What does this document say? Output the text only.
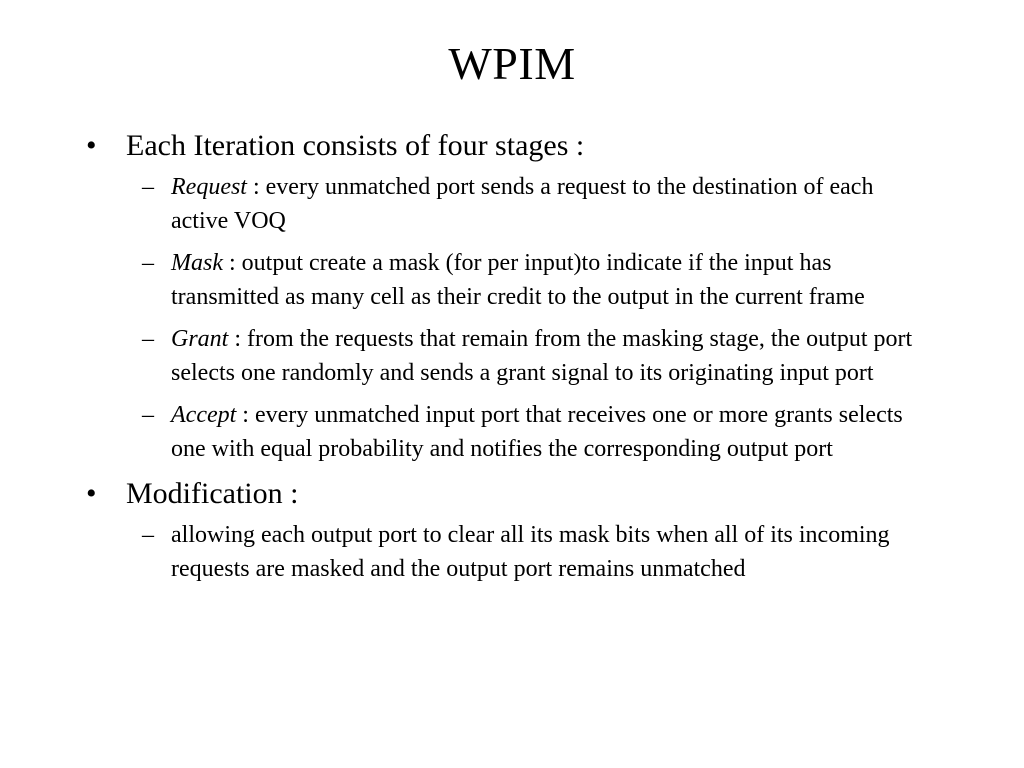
WPIM
• Each Iteration consists of four stages :
– Request : every unmatched port sends a request to the destination of each active VOQ
– Mask : output create a mask (for per input)to indicate if the input has transmitted as many cell as their credit to the output in the current frame
– Grant : from the requests that remain from the masking stage, the output port selects one randomly and sends a grant signal to its originating input port
– Accept : every unmatched input port that receives one or more grants selects one with equal probability and notifies the corresponding output port
• Modification :
– allowing each output port to clear all its mask bits when all of its incoming requests are masked and the output port remains unmatched
